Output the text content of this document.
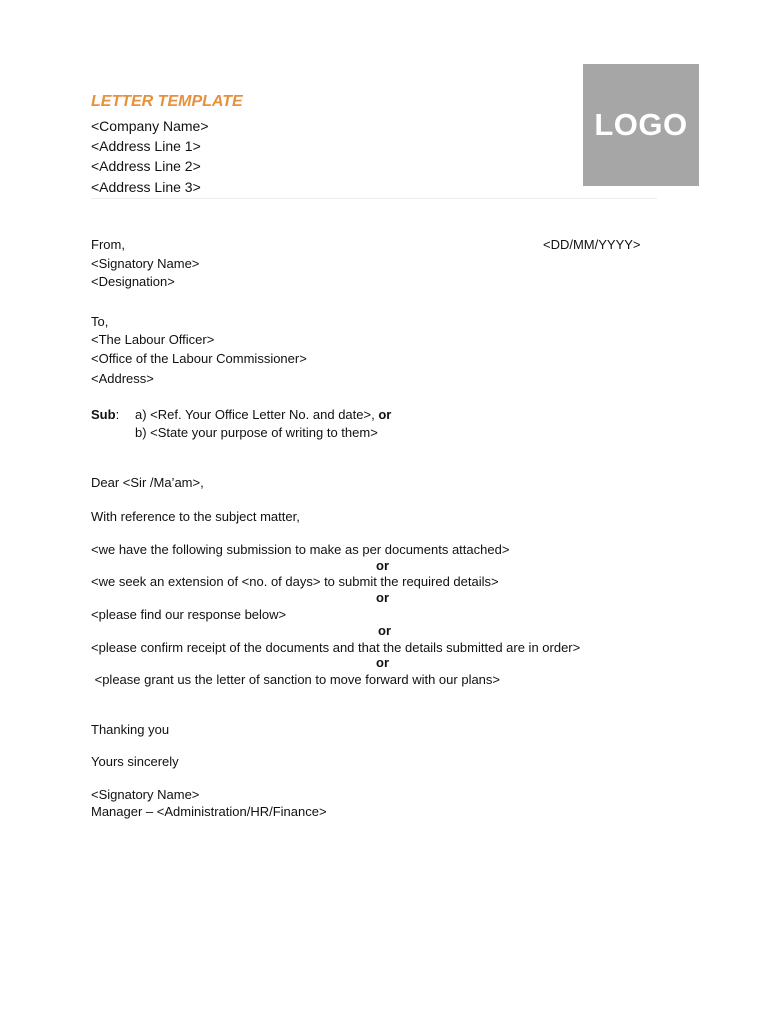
LETTER TEMPLATE
<Company Name>
<Address Line 1>
<Address Line 2>
<Address Line 3>
LOGO
From,	<DD/MM/YYYY>
<Signatory Name>
<Designation>
To,
<The Labour Officer>
<Office of the Labour Commissioner>
<Address>
Sub: a) <Ref. Your Office Letter No. and date>, or
b) <State your purpose of writing to them>
Dear <Sir /Ma’am>,
With reference to the subject matter,
<we have the following submission to make as per documents attached>
or
<we seek an extension of <no. of days> to submit the required details>
or
<please find our response below>
or
<please confirm receipt of the documents and that the details submitted are in order>
or
<please grant us the letter of sanction to move forward with our plans>
Thanking you
Yours sincerely
<Signatory Name>
Manager – <Administration/HR/Finance>
